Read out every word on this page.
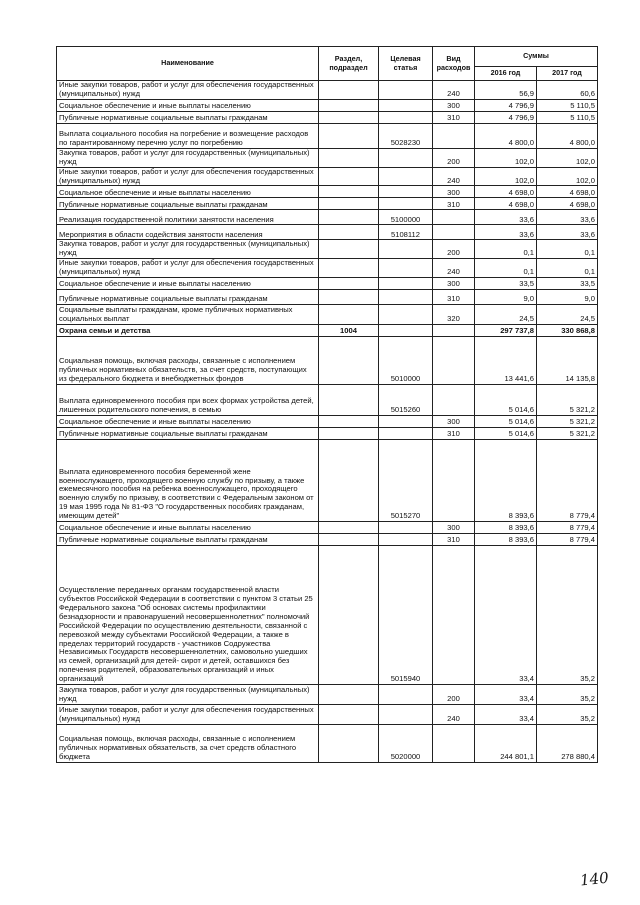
Наименование	Раздел, подраздел	Целевая статья	Вид расходов	Суммы	
				2016 год	2017 год
Иные закупки товаров, работ и услуг для обеспечения государственных (муниципальных) нужд			240	56,9	60,6
Социальное обеспечение и иные выплаты населению			300	4 796,9	5 110,5
Публичные нормативные социальные выплаты гражданам			310	4 796,9	5 110,5
Выплата социального пособия на погребение и возмещение расходов по гарантированному перечню услуг по погребению		5028230		4 800,0	4 800,0
Закупка товаров, работ и услуг для государственных (муниципальных) нужд			200	102,0	102,0
Иные закупки товаров, работ и услуг для обеспечения государственных (муниципальных) нужд			240	102,0	102,0
Социальное обеспечение и иные выплаты населению			300	4 698,0	4 698,0
Публичные нормативные социальные выплаты гражданам			310	4 698,0	4 698,0
Реализация государственной политики занятости населения		5100000		33,6	33,6
Мероприятия в области содействия занятости населения		5108112		33,6	33,6
Закупка товаров, работ и услуг для государственных (муниципальных) нужд			200	0,1	0,1
Иные закупки товаров, работ и услуг для обеспечения государственных (муниципальных) нужд			240	0,1	0,1
Социальное обеспечение и иные выплаты населению			300	33,5	33,5
Публичные нормативные социальные выплаты гражданам			310	9,0	9,0
Социальные выплаты гражданам, кроме публичных нормативных социальных выплат			320	24,5	24,5
Охрана семьи и детства	1004			297 737,8	330 868,8
Социальная помощь, включая расходы, связанные с исполнением публичных нормативных обязательств, за счет средств, поступающих из федерального бюджета и внебюджетных фондов		5010000		13 441,6	14 135,8
Выплата единовременного пособия при всех формах устройства детей, лишенных родительского попечения, в семью		5015260		5 014,6	5 321,2
Социальное обеспечение и иные выплаты населению			300	5 014,6	5 321,2
Публичные нормативные социальные выплаты гражданам			310	5 014,6	5 321,2
Выплата единовременного пособия беременной жене военнослужащего, проходящего военную службу по призыву, а также ежемесячного пособия на ребенка военнослужащего, проходящего военную службу по призыву, в соответствии с Федеральным законом от 19 мая 1995 года № 81-ФЗ "О государственных пособиях гражданам, имеющим детей"		5015270		8 393,6	8 779,4
Социальное обеспечение и иные выплаты населению			300	8 393,6	8 779,4
Публичные нормативные социальные выплаты гражданам			310	8 393,6	8 779,4
Осуществление переданных органам государственной власти субъектов Российской Федерации в соответствии с пунктом 3 статьи 25 Федерального закона "Об основах системы профилактики безнадзорности и правонарушений несовершеннолетних" полномочий Российской Федерации по осуществлению деятельности, связанной с перевозкой между субъектами Российской Федерации, а также в пределах территорий государств - участников Содружества Независимых Государств несовершеннолетних, самовольно ушедших из семей, организаций для детей- сирот и детей, оставшихся без попечения родителей, образовательных организаций и иных организаций		5015940		33,4	35,2
Закупка товаров, работ и услуг для государственных (муниципальных) нужд			200	33,4	35,2
Иные закупки товаров, работ и услуг для обеспечения государственных (муниципальных) нужд			240	33,4	35,2
Социальная помощь, включая расходы, связанные с исполнением публичных нормативных обязательств, за счет средств областного бюджета		5020000		244 801,1	278 880,4
140
